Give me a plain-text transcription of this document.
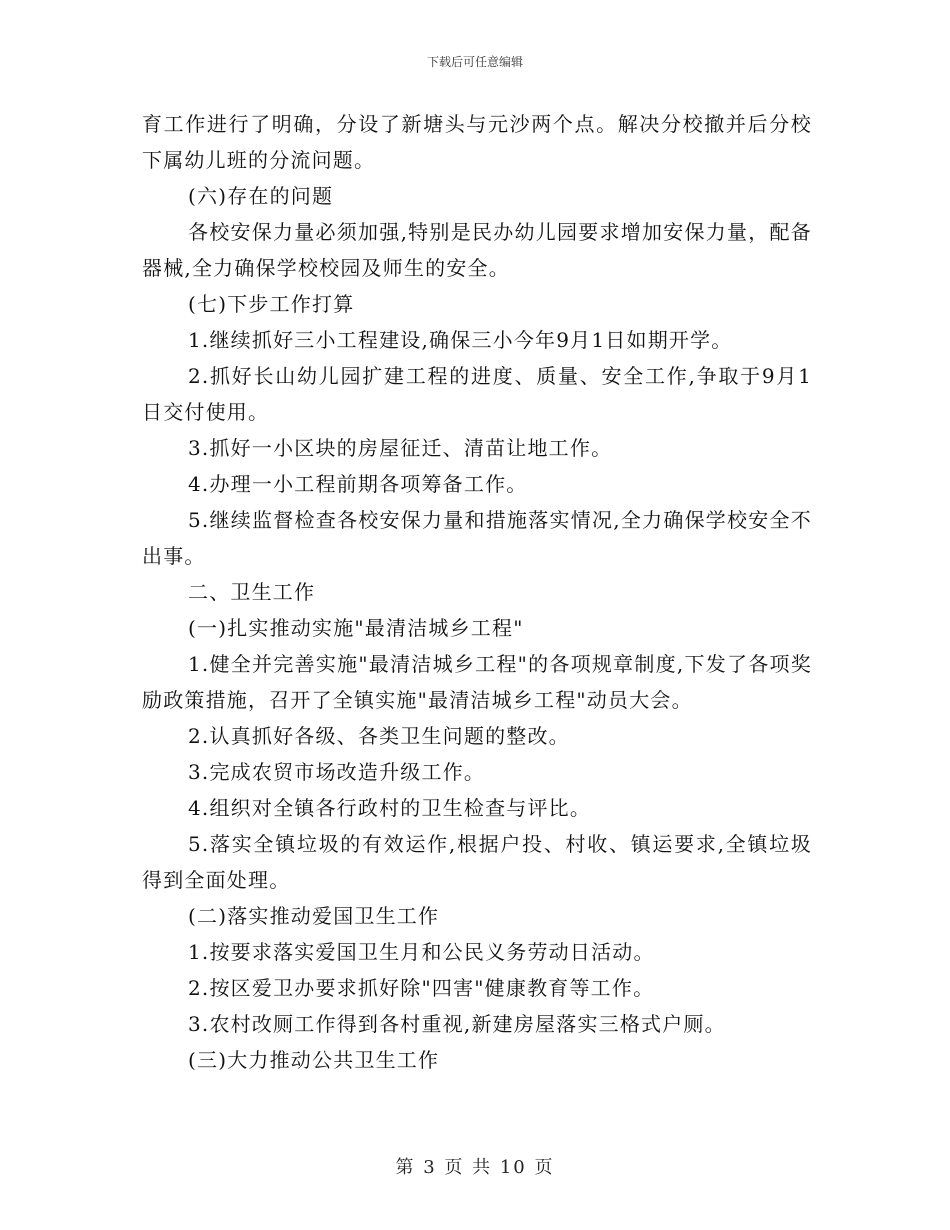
下载后可任意编辑

育工作进行了明确，分设了新塘头与元沙两个点。解决分校撤并后分校下属幼儿班的分流问题。

(六)存在的问题

各校安保力量必须加强,特别是民办幼儿园要求增加安保力量，配备器械,全力确保学校校园及师生的安全。

(七)下步工作打算

1.继续抓好三小工程建设,确保三小今年9月1日如期开学。

2.抓好长山幼儿园扩建工程的进度、质量、安全工作,争取于9月1日交付使用。

3.抓好一小区块的房屋征迁、清苗让地工作。

4.办理一小工程前期各项筹备工作。

5.继续监督检查各校安保力量和措施落实情况,全力确保学校安全不出事。

二、卫生工作

(一)扎实推动实施"最清洁城乡工程"

1.健全并完善实施"最清洁城乡工程"的各项规章制度,下发了各项奖励政策措施，召开了全镇实施"最清洁城乡工程"动员大会。

2.认真抓好各级、各类卫生问题的整改。

3.完成农贸市场改造升级工作。

4.组织对全镇各行政村的卫生检查与评比。

5.落实全镇垃圾的有效运作,根据户投、村收、镇运要求,全镇垃圾得到全面处理。

(二)落实推动爱国卫生工作

1.按要求落实爱国卫生月和公民义务劳动日活动。

2.按区爱卫办要求抓好除"四害"健康教育等工作。

3.农村改厕工作得到各村重视,新建房屋落实三格式户厕。

(三)大力推动公共卫生工作

第 3 页 共 10 页
